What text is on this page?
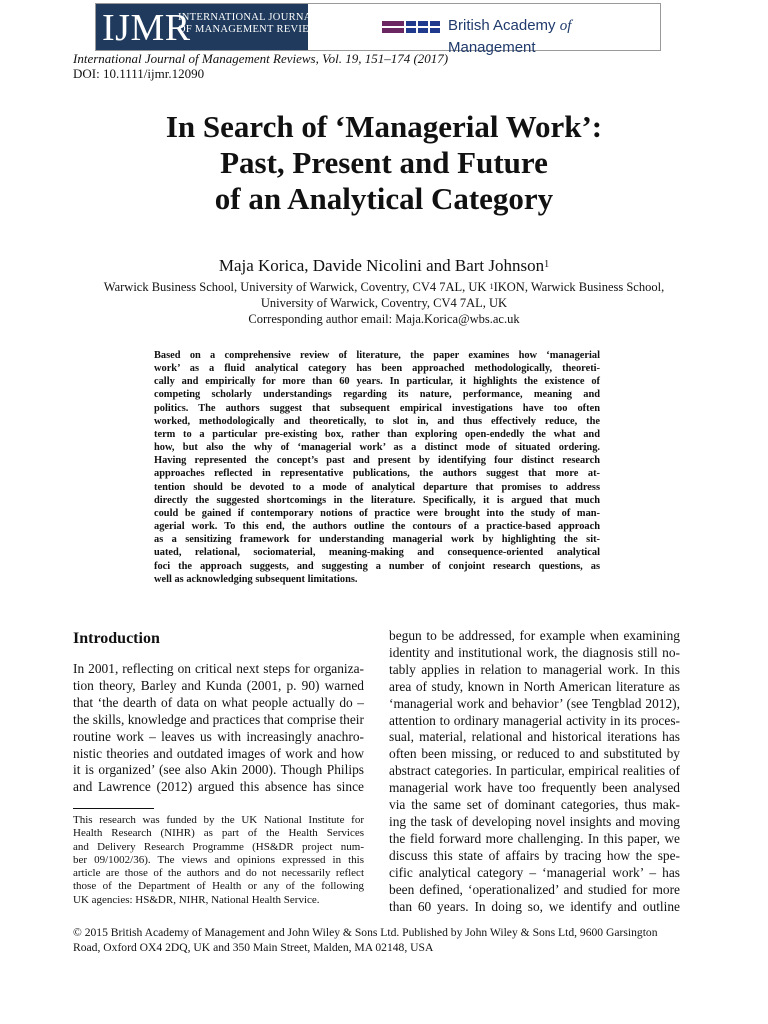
IJMR
INTERNATIONAL JOURNAL
OF MANAGEMENT REVIEWS	British Academy of Management
International Journal of Management Reviews, Vol. 19, 151–174 (2017)
DOI: 10.1111/ijmr.12090
In Search of ‘Managerial Work’:
Past, Present and Future
of an Analytical Category
Maja Korica, Davide Nicolini and Bart Johnson$^1$
Warwick Business School, University of Warwick, Coventry, CV4 7AL, UK $^1$IKON, Warwick Business School,
University of Warwick, Coventry, CV4 7AL, UK
Corresponding author email: Maja.Korica@wbs.ac.uk
Based on a comprehensive review of literature, the paper examines how ‘managerial
work’ as a fluid analytical category has been approached methodologically, theoreti-
cally and empirically for more than 60 years. In particular, it highlights the existence of
competing scholarly understandings regarding its nature, performance, meaning and
politics. The authors suggest that subsequent empirical investigations have too often
worked, methodologically and theoretically, to slot in, and thus effectively reduce, the
term to a particular pre-existing box, rather than exploring open-endedly the what and
how, but also the why of ‘managerial work’ as a distinct mode of situated ordering.
Having represented the concept’s past and present by identifying four distinct research
approaches reflected in representative publications, the authors suggest that more at-
tention should be devoted to a mode of analytical departure that promises to address
directly the suggested shortcomings in the literature. Specifically, it is argued that much
could be gained if contemporary notions of practice were brought into the study of man-
agerial work. To this end, the authors outline the contours of a practice-based approach
as a sensitizing framework for understanding managerial work by highlighting the sit-
uated, relational, sociomaterial, meaning-making and consequence-oriented analytical
foci the approach suggests, and suggesting a number of conjoint research questions, as
well as acknowledging subsequent limitations.
Introduction
In 2001, reflecting on critical next steps for organiza-
tion theory, Barley and Kunda (2001, p. 90) warned
that ‘the dearth of data on what people actually do –
the skills, knowledge and practices that comprise their
routine work – leaves us with increasingly anachro-
nistic theories and outdated images of work and how
it is organized’ (see also Akin 2000). Though Philips
and Lawrence (2012) argued this absence has since
This research was funded by the UK National Institute for
Health Research (NIHR) as part of the Health Services
and Delivery Research Programme (HS&DR project num-
ber 09/1002/36). The views and opinions expressed in this
article are those of the authors and do not necessarily reflect
those of the Department of Health or any of the following
UK agencies: HS&DR, NIHR, National Health Service.
begun to be addressed, for example when examining
identity and institutional work, the diagnosis still no-
tably applies in relation to managerial work. In this
area of study, known in North American literature as
‘managerial work and behavior’ (see Tengblad 2012),
attention to ordinary managerial activity in its proces-
sual, material, relational and historical iterations has
often been missing, or reduced to and substituted by
abstract categories. In particular, empirical realities of
managerial work have too frequently been analysed
via the same set of dominant categories, thus mak-
ing the task of developing novel insights and moving
the field forward more challenging. In this paper, we
discuss this state of affairs by tracing how the spe-
cific analytical category – ‘managerial work’ – has
been defined, ‘operationalized’ and studied for more
than 60 years. In doing so, we identify and outline
© 2015 British Academy of Management and John Wiley & Sons Ltd. Published by John Wiley & Sons Ltd, 9600 Garsington
Road, Oxford OX4 2DQ, UK and 350 Main Street, Malden, MA 02148, USA
